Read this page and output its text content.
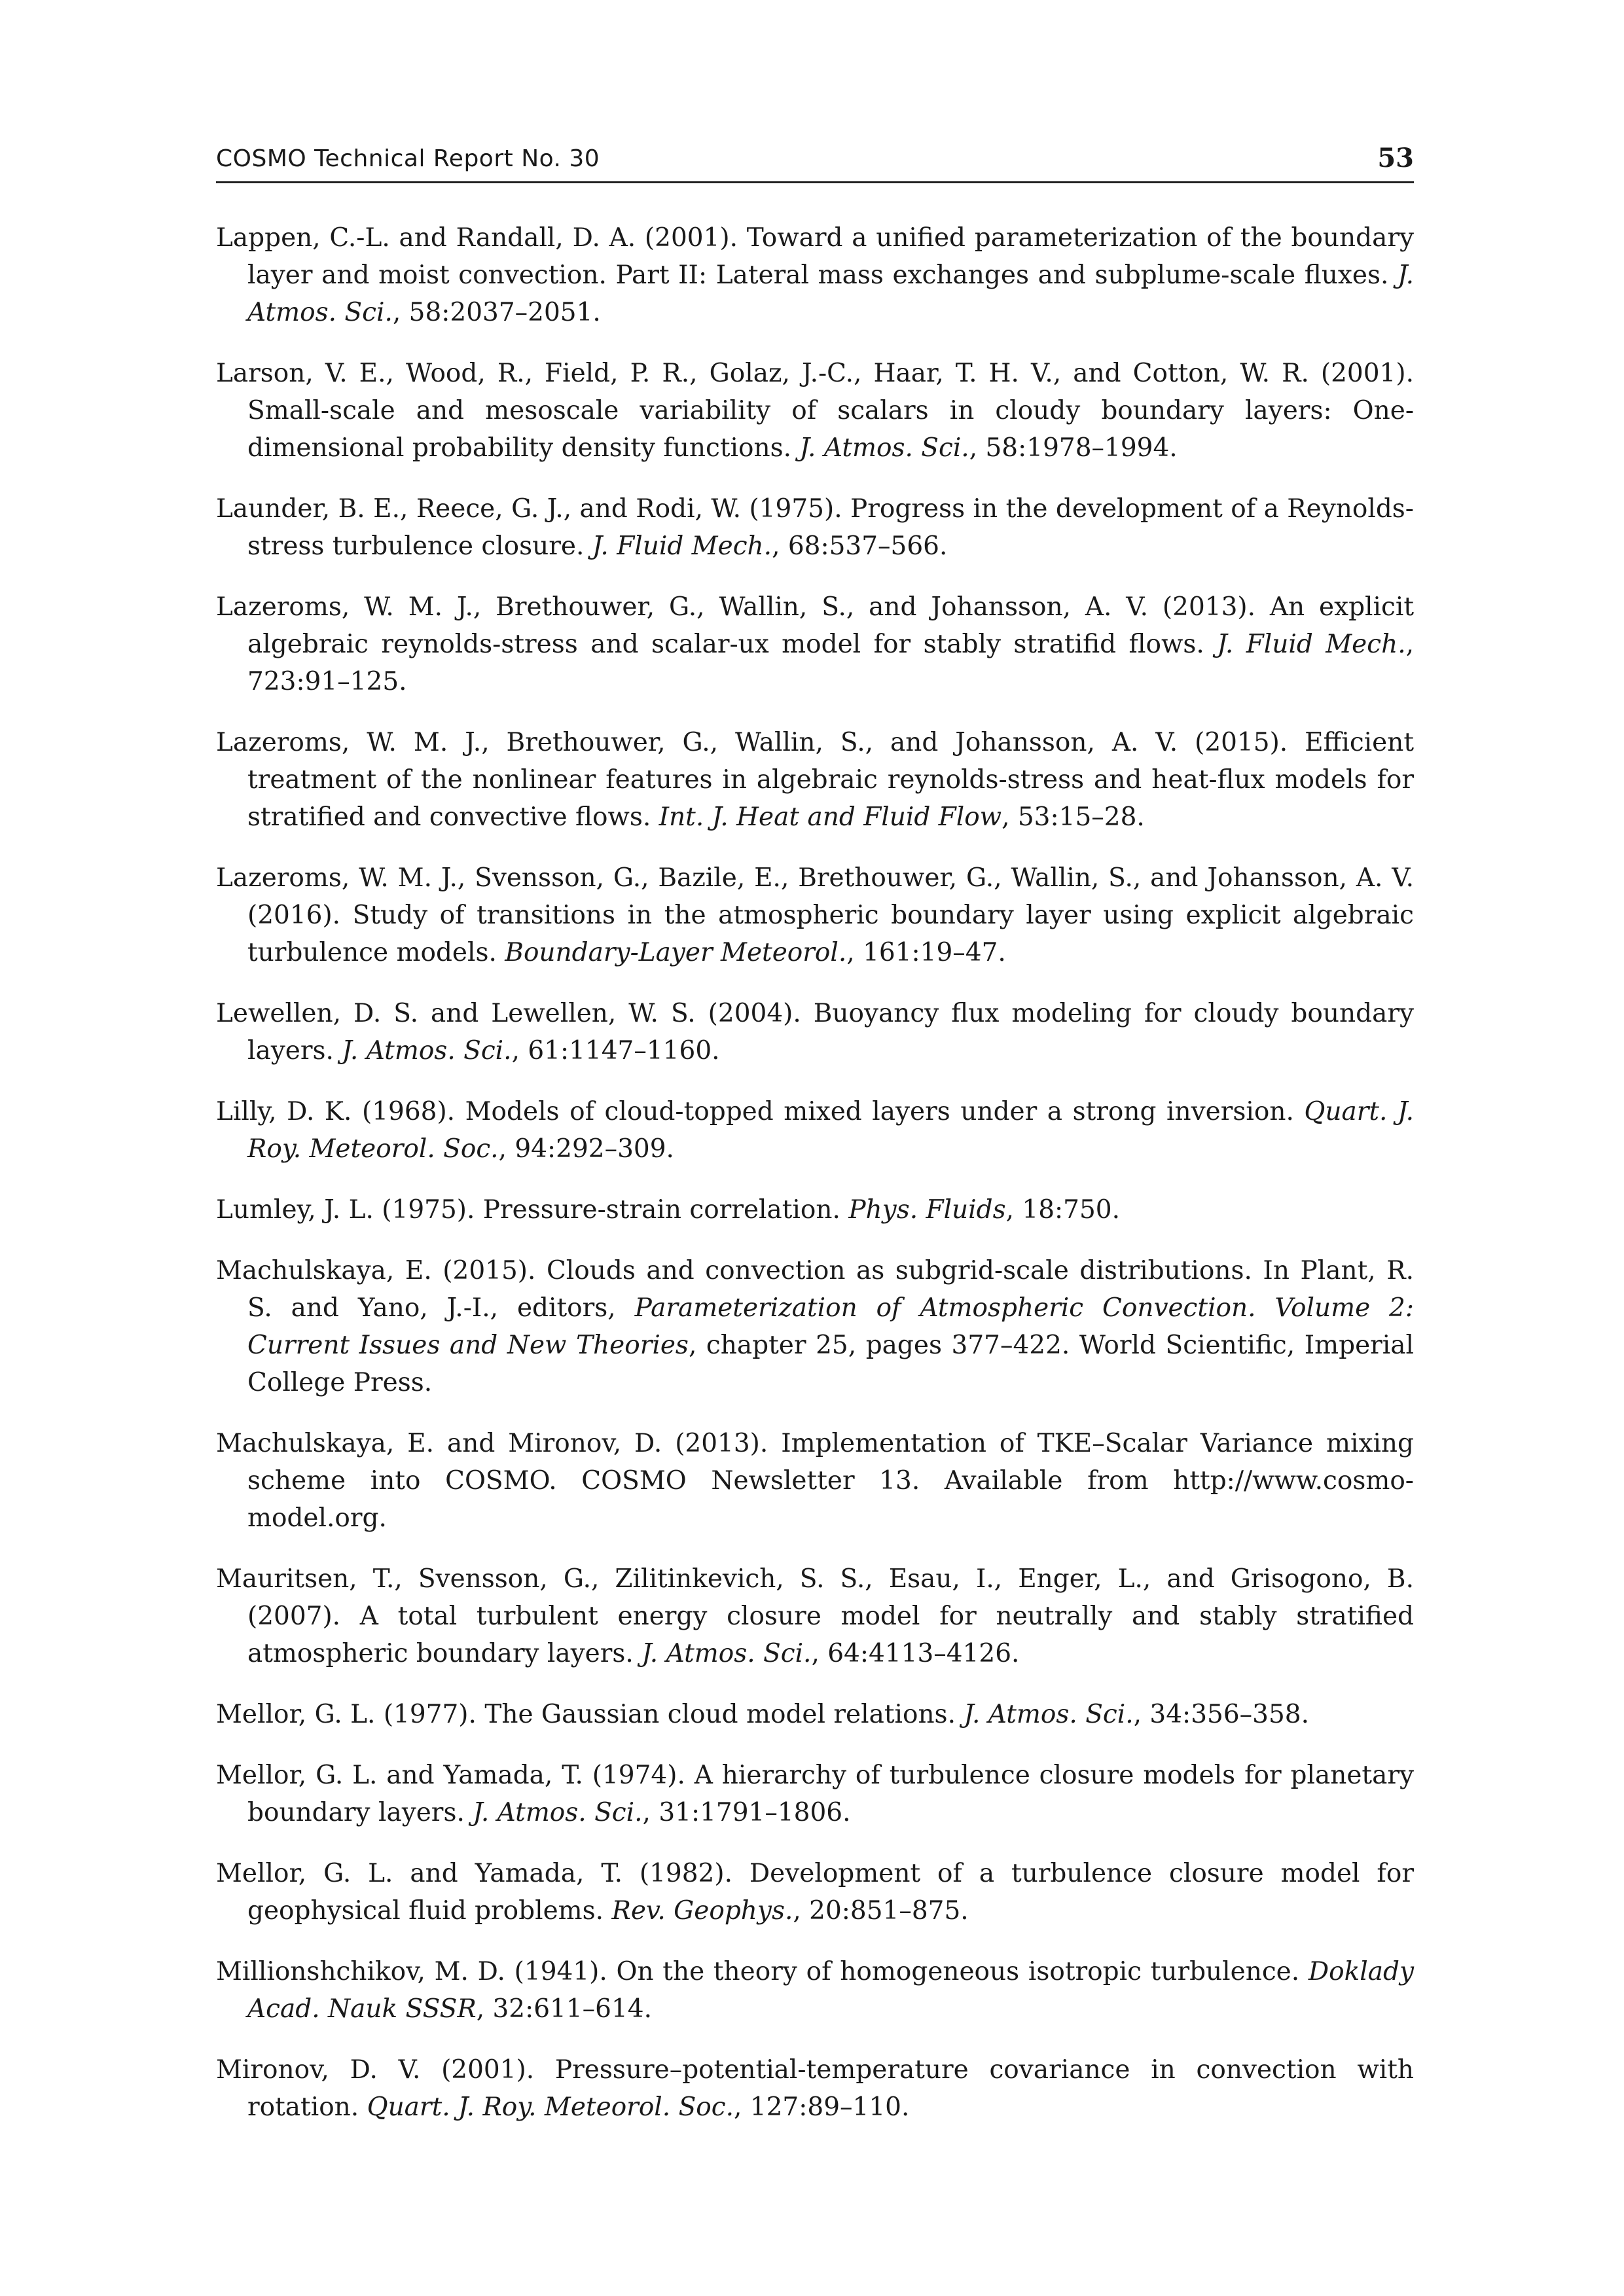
COSMO Technical Report No. 30	53
Lappen, C.-L. and Randall, D. A. (2001). Toward a unified parameterization of the boundary layer and moist convection. Part II: Lateral mass exchanges and subplume-scale fluxes. J. Atmos. Sci., 58:2037–2051.
Larson, V. E., Wood, R., Field, P. R., Golaz, J.-C., Haar, T. H. V., and Cotton, W. R. (2001). Small-scale and mesoscale variability of scalars in cloudy boundary layers: One-dimensional probability density functions. J. Atmos. Sci., 58:1978–1994.
Launder, B. E., Reece, G. J., and Rodi, W. (1975). Progress in the development of a Reynolds-stress turbulence closure. J. Fluid Mech., 68:537–566.
Lazeroms, W. M. J., Brethouwer, G., Wallin, S., and Johansson, A. V. (2013). An explicit algebraic reynolds-stress and scalar-ux model for stably stratifid flows. J. Fluid Mech., 723:91–125.
Lazeroms, W. M. J., Brethouwer, G., Wallin, S., and Johansson, A. V. (2015). Efficient treatment of the nonlinear features in algebraic reynolds-stress and heat-flux models for stratified and convective flows. Int. J. Heat and Fluid Flow, 53:15–28.
Lazeroms, W. M. J., Svensson, G., Bazile, E., Brethouwer, G., Wallin, S., and Johansson, A. V. (2016). Study of transitions in the atmospheric boundary layer using explicit algebraic turbulence models. Boundary-Layer Meteorol., 161:19–47.
Lewellen, D. S. and Lewellen, W. S. (2004). Buoyancy flux modeling for cloudy boundary layers. J. Atmos. Sci., 61:1147–1160.
Lilly, D. K. (1968). Models of cloud-topped mixed layers under a strong inversion. Quart. J. Roy. Meteorol. Soc., 94:292–309.
Lumley, J. L. (1975). Pressure-strain correlation. Phys. Fluids, 18:750.
Machulskaya, E. (2015). Clouds and convection as subgrid-scale distributions. In Plant, R. S. and Yano, J.-I., editors, Parameterization of Atmospheric Convection. Volume 2: Current Issues and New Theories, chapter 25, pages 377–422. World Scientific, Imperial College Press.
Machulskaya, E. and Mironov, D. (2013). Implementation of TKE–Scalar Variance mixing scheme into COSMO. COSMO Newsletter 13. Available from http://www.cosmo-model.org.
Mauritsen, T., Svensson, G., Zilitinkevich, S. S., Esau, I., Enger, L., and Grisogono, B. (2007). A total turbulent energy closure model for neutrally and stably stratified atmospheric boundary layers. J. Atmos. Sci., 64:4113–4126.
Mellor, G. L. (1977). The Gaussian cloud model relations. J. Atmos. Sci., 34:356–358.
Mellor, G. L. and Yamada, T. (1974). A hierarchy of turbulence closure models for planetary boundary layers. J. Atmos. Sci., 31:1791–1806.
Mellor, G. L. and Yamada, T. (1982). Development of a turbulence closure model for geophysical fluid problems. Rev. Geophys., 20:851–875.
Millionshchikov, M. D. (1941). On the theory of homogeneous isotropic turbulence. Doklady Acad. Nauk SSSR, 32:611–614.
Mironov, D. V. (2001). Pressure–potential-temperature covariance in convection with rotation. Quart. J. Roy. Meteorol. Soc., 127:89–110.
